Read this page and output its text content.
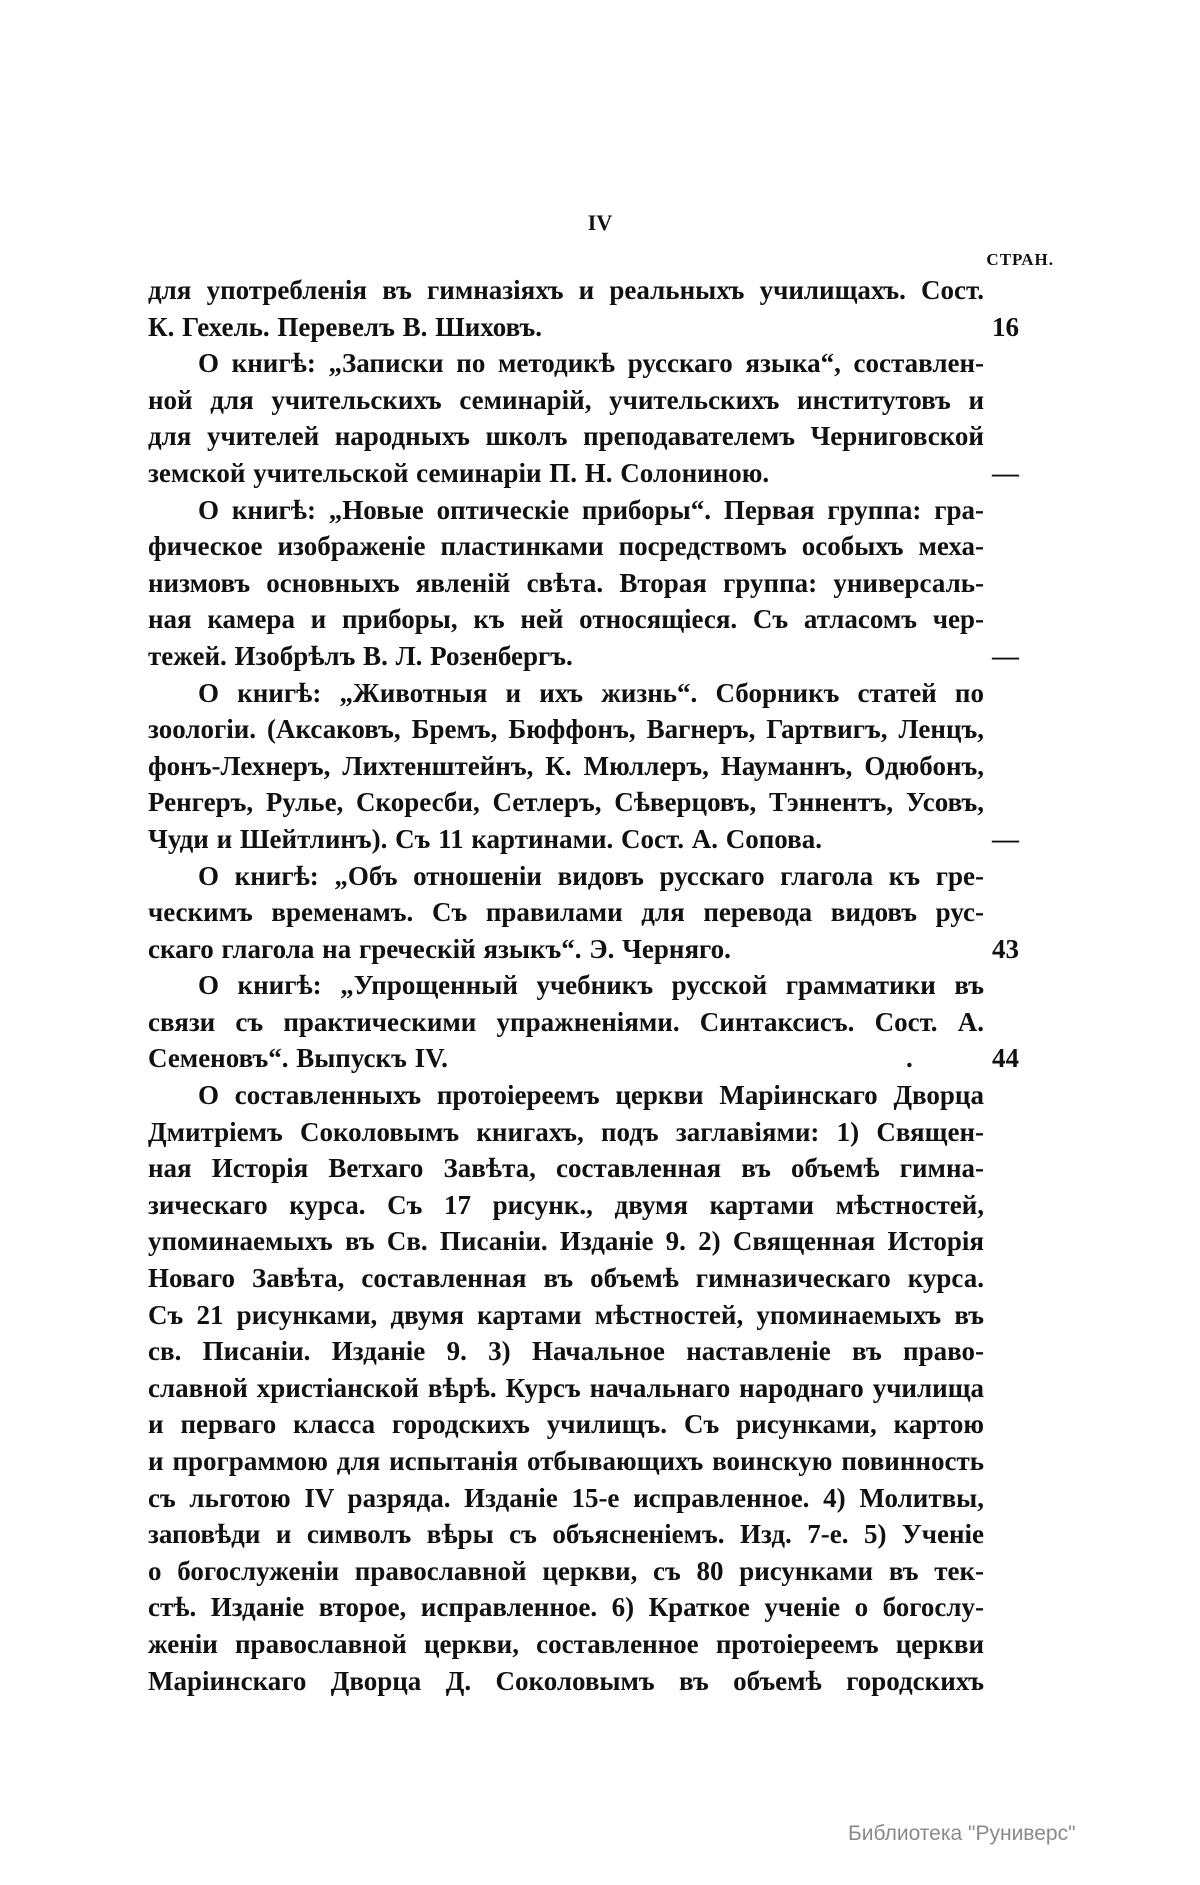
IV
СТРАН.
для употребленія въ гимназіяхъ и реальныхъ училищахъ. Сост.
К. Гехель. Перевелъ В. Шиховъ.	16
О книгѣ: „Записки по методикѣ русскаго языка“, составлен-
ной для учительскихъ семинарій, учительскихъ институтовъ и
для учителей народныхъ школъ преподавателемъ Черниговской
земской учительской семинаріи П. Н. Солониною.	—
О книгѣ: „Новые оптическіе приборы“. Первая группа: гра-
фическое изображеніе пластинками посредствомъ особыхъ меха-
низмовъ основныхъ явленій свѣта. Вторая группа: универсаль-
ная камера и приборы, къ ней относящіеся. Съ атласомъ чер-
тежей. Изобрѣлъ В. Л. Розенбергъ.	—
О книгѣ: „Животныя и ихъ жизнь“. Сборникъ статей по
зоологіи. (Аксаковъ, Бремъ, Бюффонъ, Вагнеръ, Гартвигъ, Ленцъ,
фонъ-Лехнеръ, Лихтенштейнъ, К. Мюллеръ, Науманнъ, Одюбонъ,
Ренгеръ, Рулье, Скоресби, Сетлеръ, Сѣверцовъ, Тэннентъ, Усовъ,
Чуди и Шейтлинъ). Съ 11 картинами. Сост. А. Сопова.	—
О книгѣ: „Объ отношеніи видовъ русскаго глагола къ гре-
ческимъ временамъ. Съ правилами для перевода видовъ рус-
скаго глагола на греческій языкъ“. Э. Черняго.	43
О книгѣ: „Упрощенный учебникъ русской грамматики въ
связи съ практическими упражненіями. Синтаксисъ. Сост. А.
Семеновъ“. Выпускъ IV.	.	44
О составленныхъ протоіереемъ церкви Маріинскаго Дворца
Дмитріемъ Соколовымъ книгахъ, подъ заглавіями: 1) Священ-
ная Исторія Ветхаго Завѣта, составленная въ объемѣ гимна-
зическаго курса. Съ 17 рисунк., двумя картами мѣстностей,
упоминаемыхъ въ Св. Писаніи. Изданіе 9. 2) Священная Исторія
Новаго Завѣта, составленная въ объемѣ гимназическаго курса.
Съ 21 рисунками, двумя картами мѣстностей, упоминаемыхъ въ
св. Писаніи. Изданіе 9. 3) Начальное наставленіе въ право-
славной христіанской вѣрѣ. Курсъ начальнаго народнаго училища
и перваго класса городскихъ училищъ. Съ рисунками, картою
и программою для испытанія отбывающихъ воинскую повинность
съ льготою IV разряда. Изданіе 15-е исправленное. 4) Молитвы,
заповѣди и символъ вѣры съ объясненіемъ. Изд. 7-е. 5) Ученіе
о богослуженіи православной церкви, съ 80 рисунками въ тек-
стѣ. Изданіе второе, исправленное. 6) Краткое ученіе о богослу-
женіи православной церкви, составленное протоіереемъ церкви
Маріинскаго Дворца Д. Соколовымъ въ объемѣ городскихъ
Библиотека "Руниверс"
